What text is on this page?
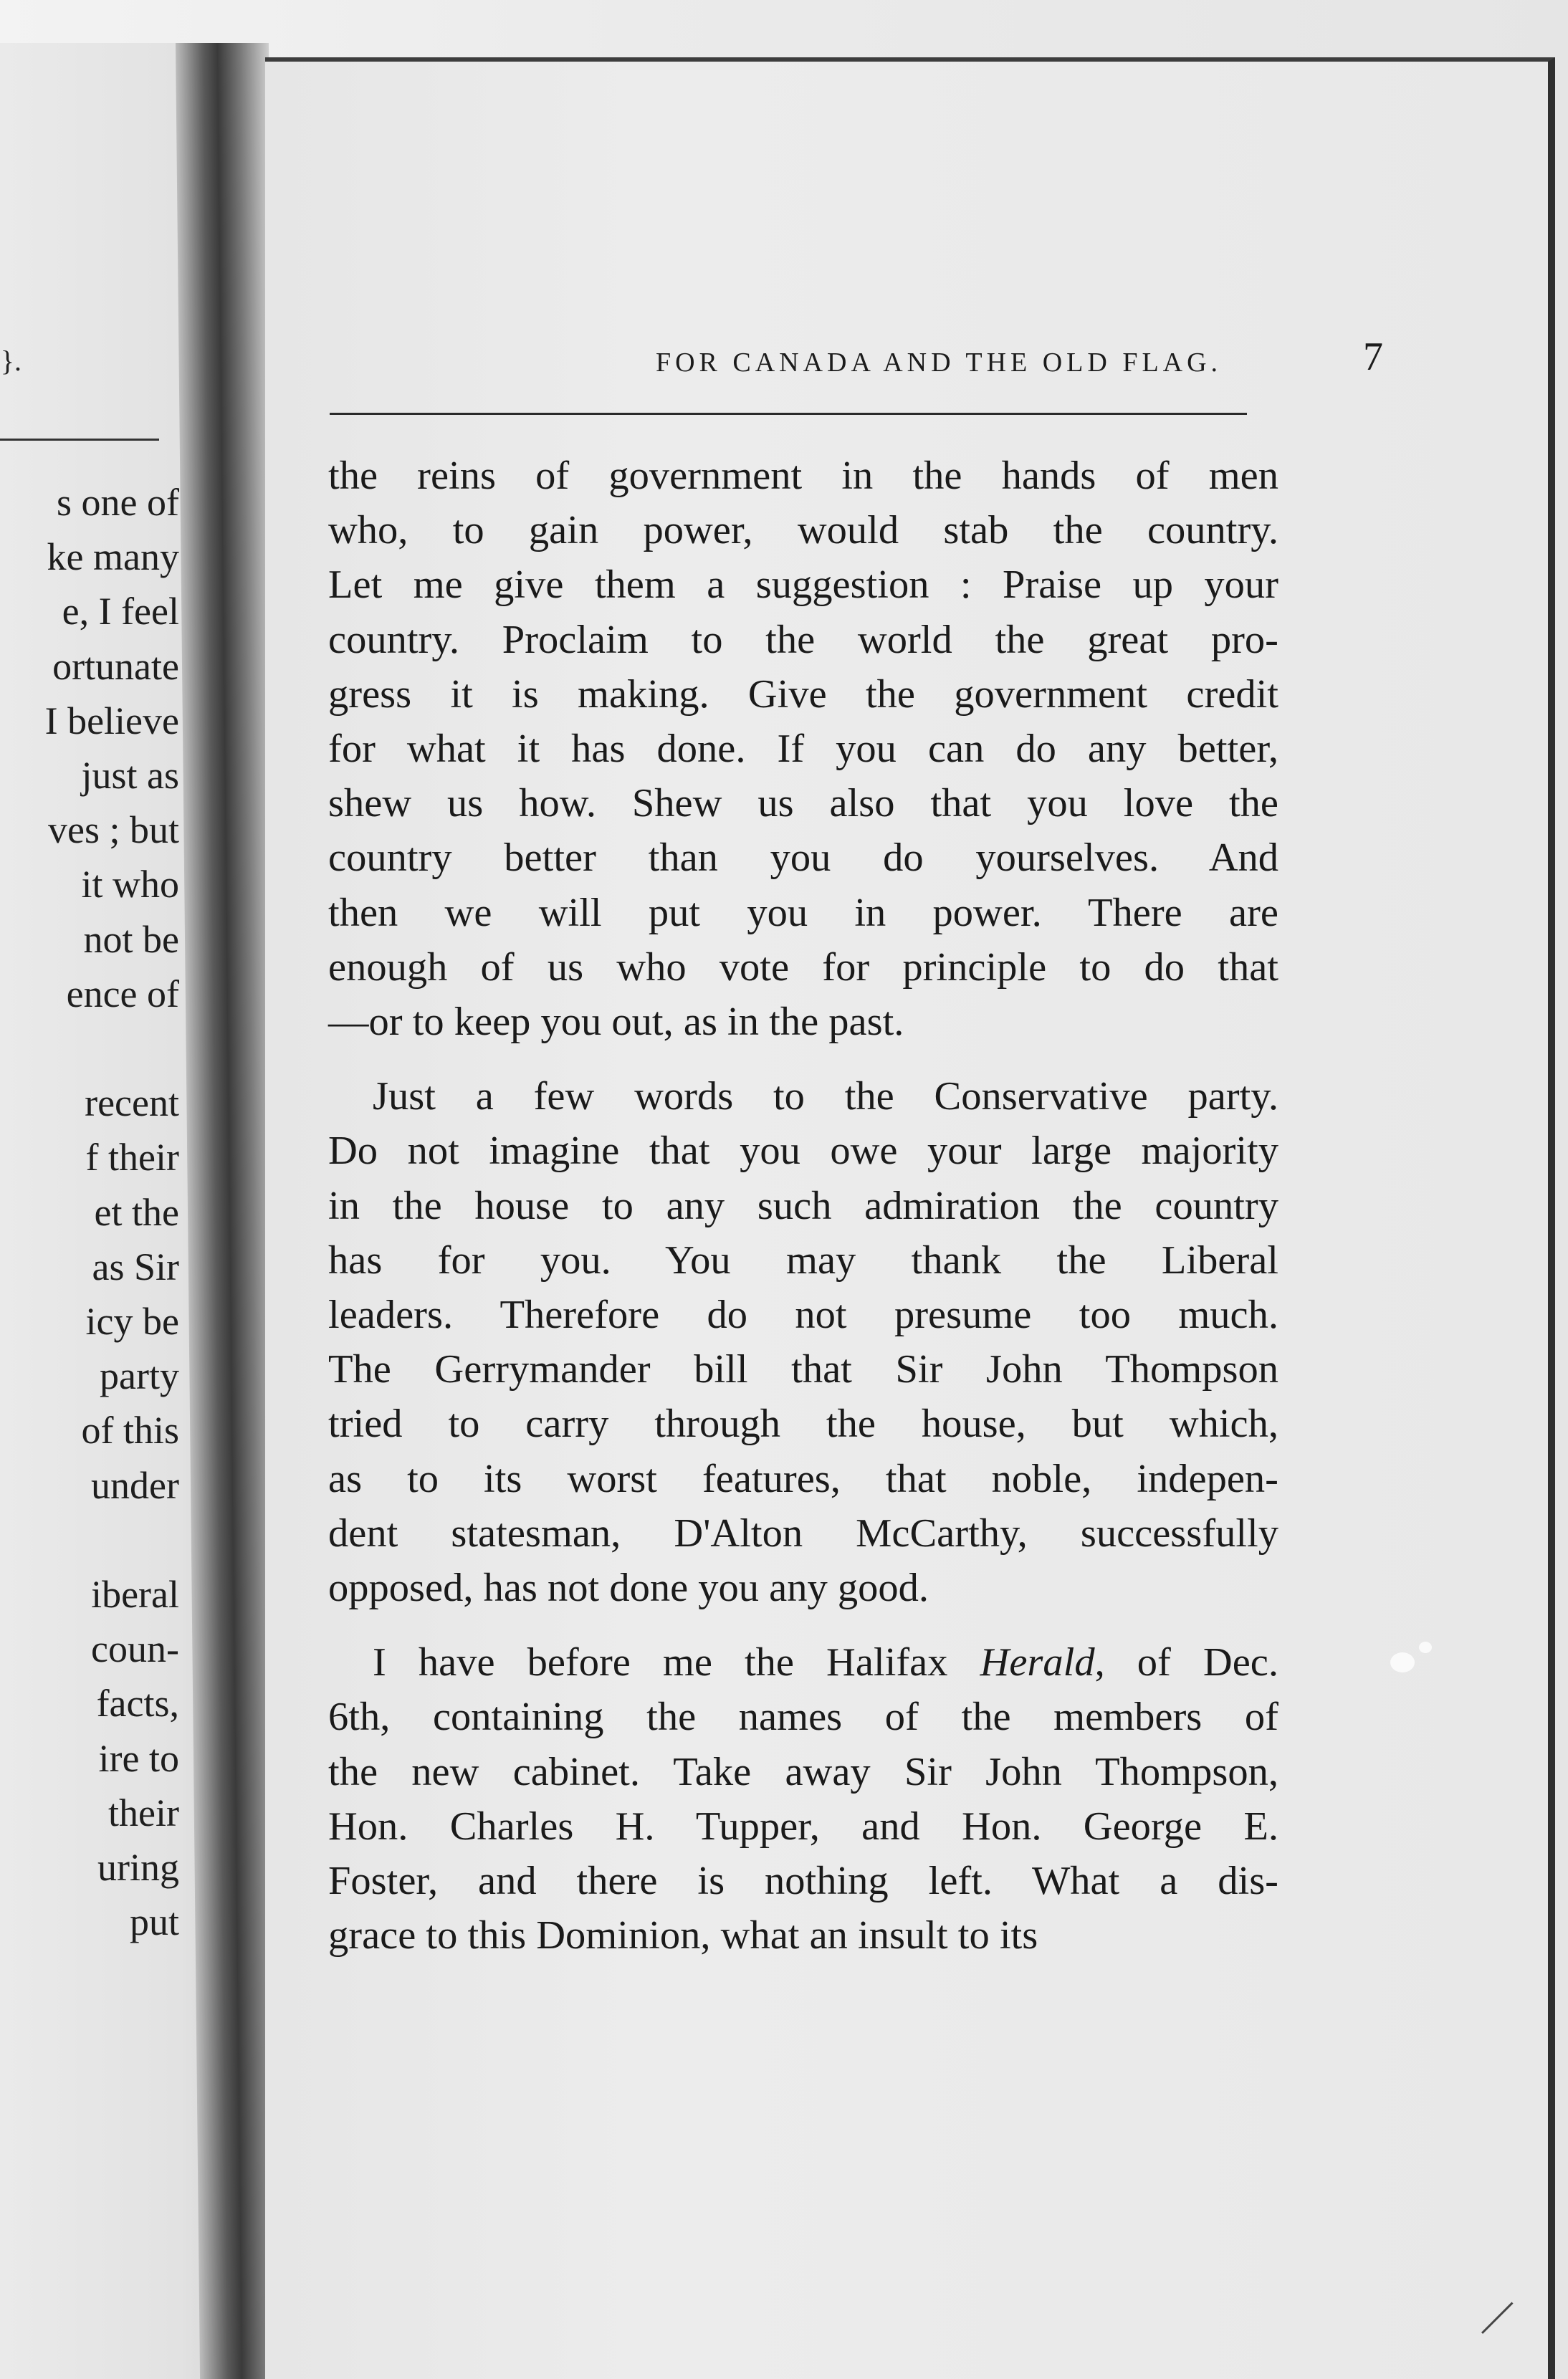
}.
s one of
ke many
e, I feel
ortunate
I believe
just as
ves ; but
it who
not be
ence of
recent
f their
et the
as Sir
icy be
party
of this
under
iberal
coun-
facts,
ire to
their
uring
put
FOR CANADA AND THE OLD FLAG.	7
the reins of government in the hands of men
who, to gain power, would stab the country.
Let me give them a suggestion : Praise up your
country. Proclaim to the world the great pro-
gress it is making. Give the government credit
for what it has done. If you can do any better,
shew us how. Shew us also that you love the
country better than you do yourselves. And
then we will put you in power. There are
enough of us who vote for principle to do that
—or to keep you out, as in the past.
Just a few words to the Conservative party.
Do not imagine that you owe your large majority
in the house to any such admiration the country
has for you. You may thank the Liberal
leaders. Therefore do not presume too much.
The Gerrymander bill that Sir John Thompson
tried to carry through the house, but which,
as to its worst features, that noble, indepen-
dent statesman, D'Alton McCarthy, successfully
opposed, has not done you any good.
I have before me the Halifax Herald, of Dec.
6th, containing the names of the members of
the new cabinet. Take away Sir John Thompson,
Hon. Charles H. Tupper, and Hon. George E.
Foster, and there is nothing left. What a dis-
grace to this Dominion, what an insult to its
